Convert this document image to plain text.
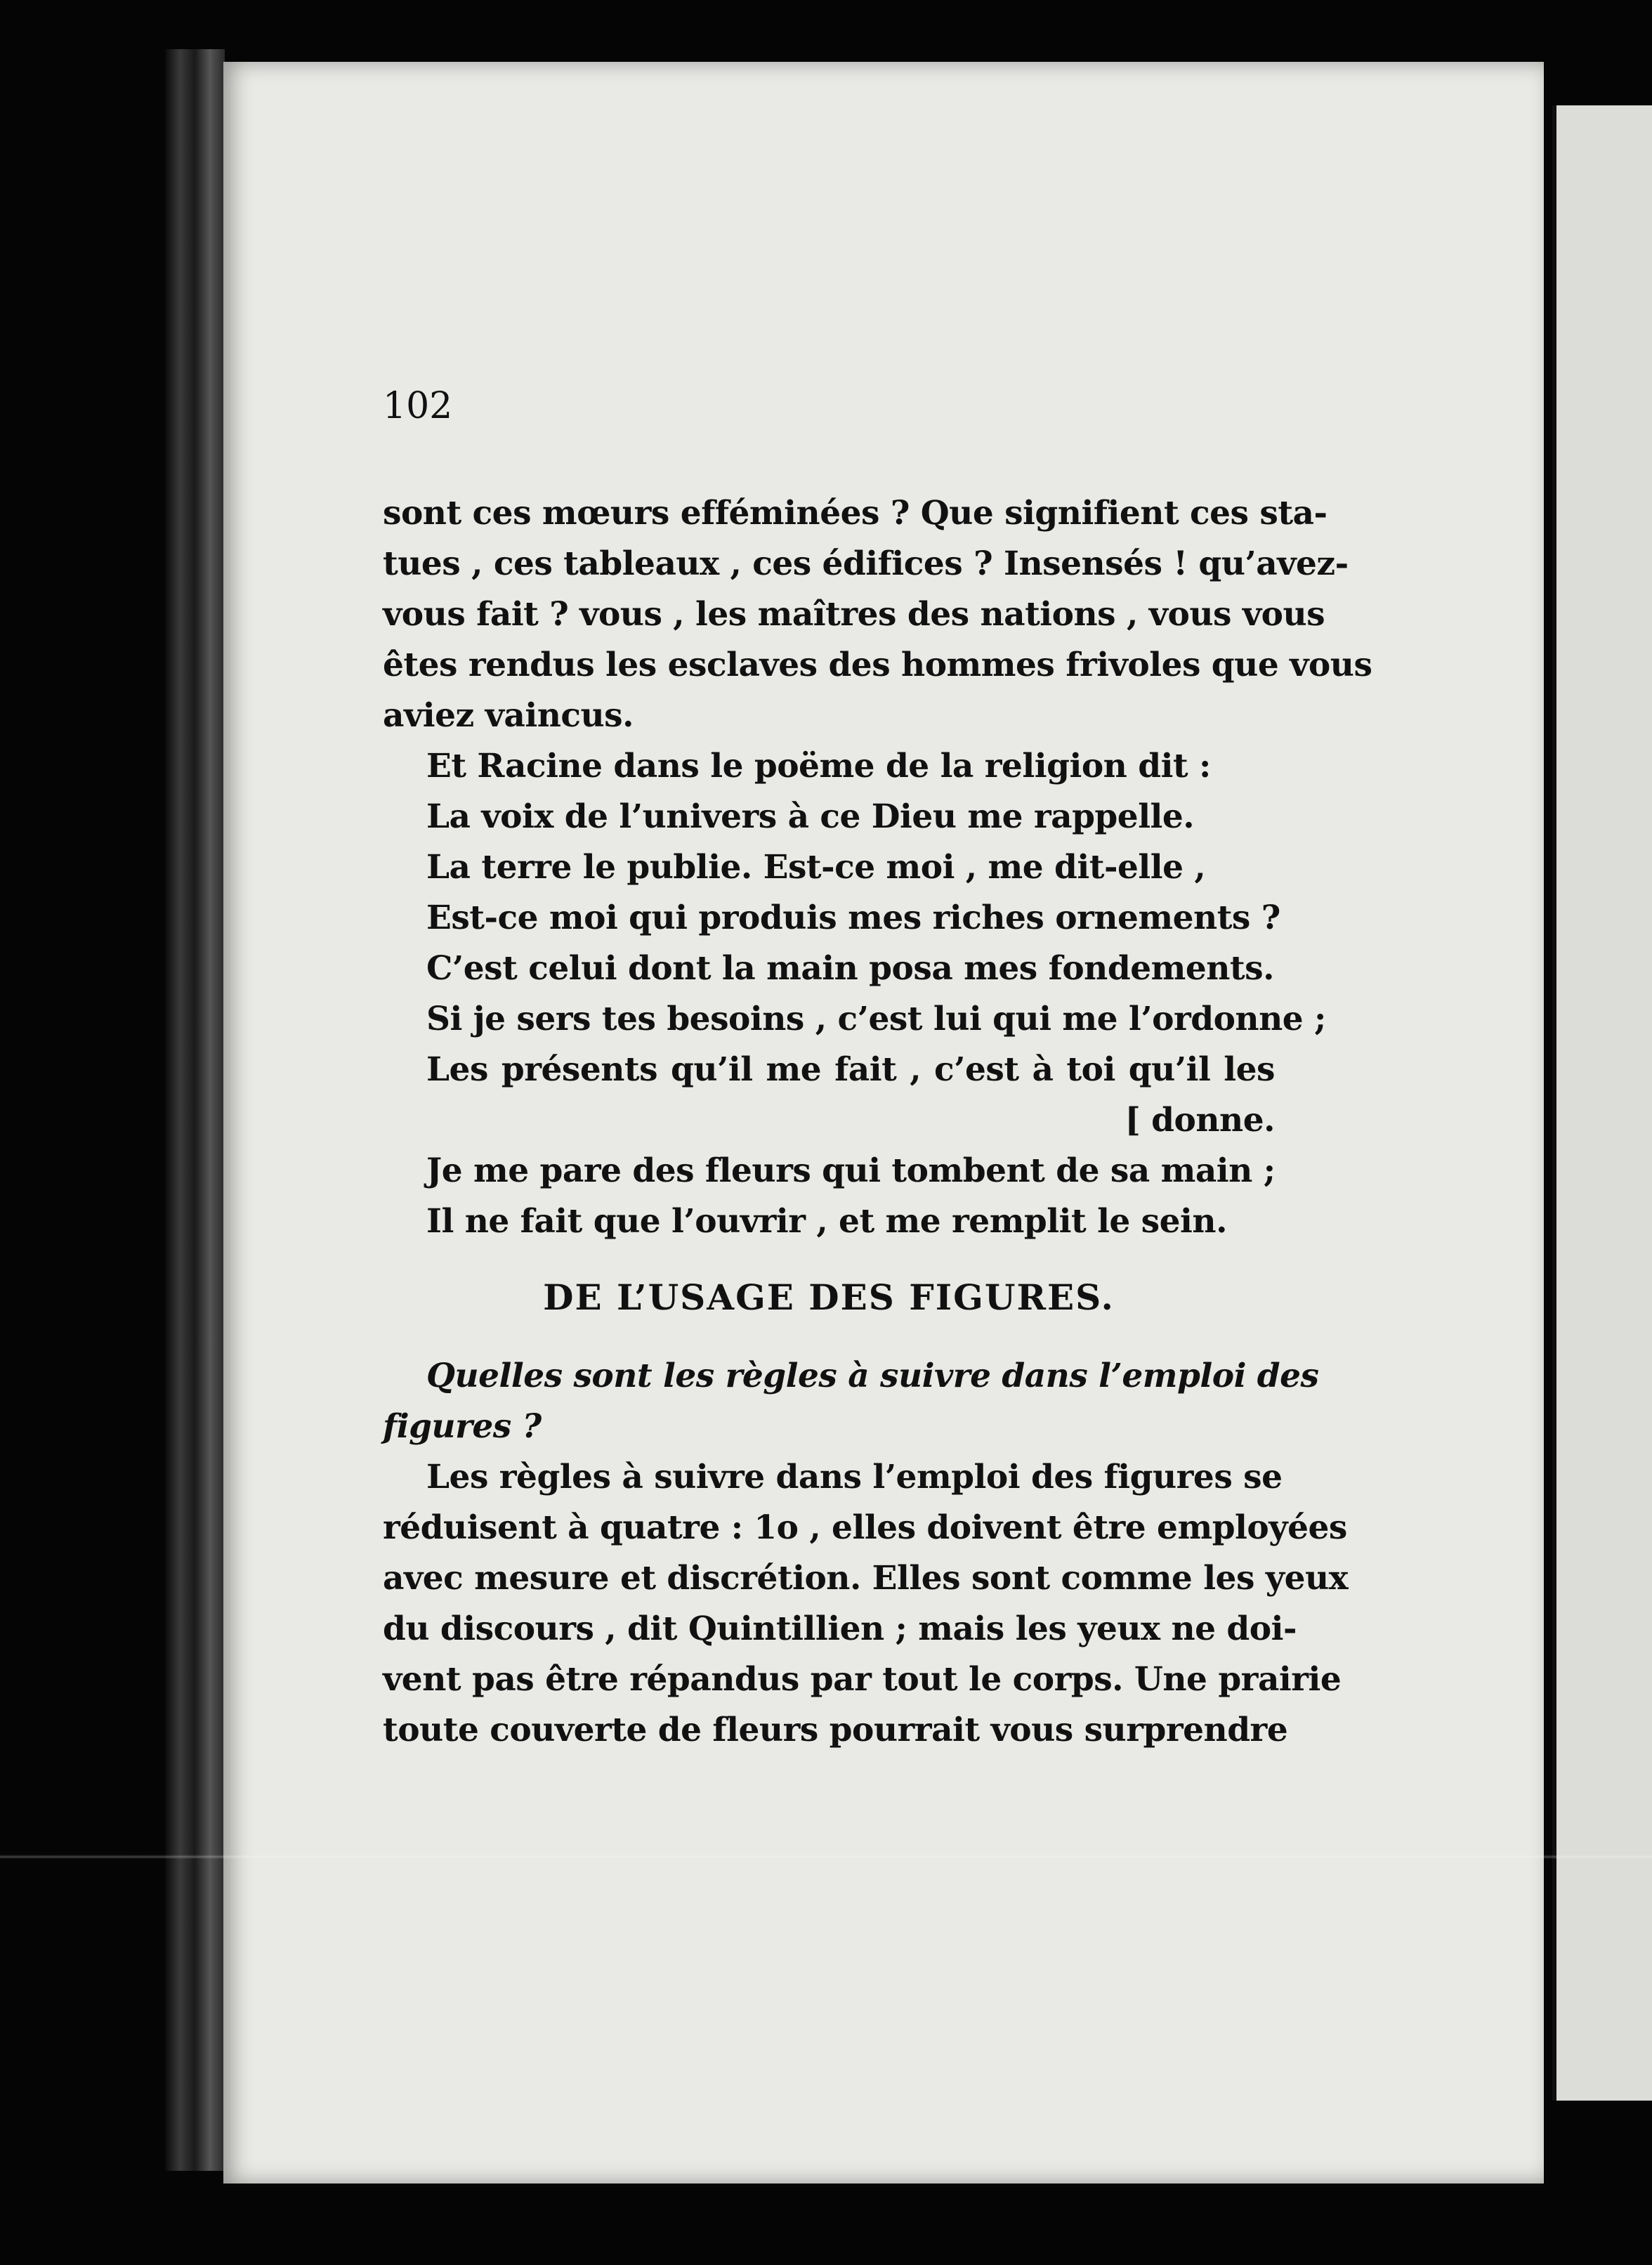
102
sont ces mœurs efféminées ? Que signifient ces sta-
tues , ces tableaux , ces édifices ? Insensés ! qu’avez-
vous fait ? vous , les maîtres des nations , vous vous
êtes rendus les esclaves des hommes frivoles que vous
aviez vaincus.
Et Racine dans le poëme de la religion dit :
La voix de l’univers à ce Dieu me rappelle.
La terre le publie. Est-ce moi , me dit-elle ,
Est-ce moi qui produis mes riches ornements ?
C’est celui dont la main posa mes fondements.
Si je sers tes besoins , c’est lui qui me l’ordonne ;
Les présents qu’il me fait , c’est à toi qu’il les
[ donne.
Je me pare des fleurs qui tombent de sa main ;
Il ne fait que l’ouvrir , et me remplit le sein.
DE L’USAGE DES FIGURES.
Quelles sont les règles à suivre dans l’emploi des
figures ?
Les règles à suivre dans l’emploi des figures se
réduisent à quatre : 1o , elles doivent être employées
avec mesure et discrétion. Elles sont comme les yeux
du discours , dit Quintillien ; mais les yeux ne doi-
vent pas être répandus par tout le corps. Une prairie
toute couverte de fleurs pourrait vous surprendre
